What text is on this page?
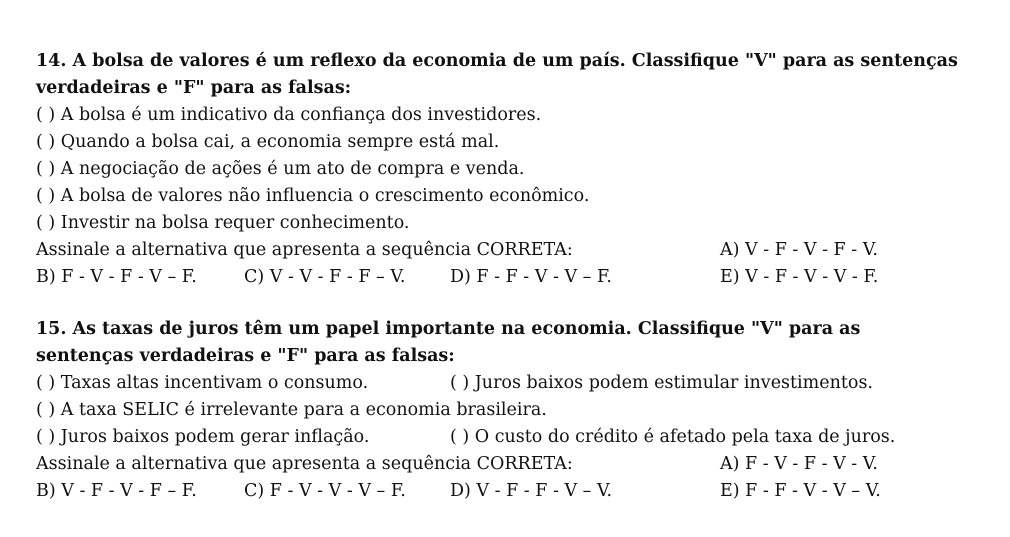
14. A bolsa de valores é um reflexo da economia de um país. Classifique "V" para as sentenças
verdadeiras e "F" para as falsas:
( ) A bolsa é um indicativo da confiança dos investidores.
( ) Quando a bolsa cai, a economia sempre está mal.
( ) A negociação de ações é um ato de compra e venda.
( ) A bolsa de valores não influencia o crescimento econômico.
( ) Investir na bolsa requer conhecimento.
Assinale a alternativa que apresenta a sequência CORRETA:	A) V - F - V - F - V.
B) F - V - F - V – F.	C) V - V - F - F – V.	D) F - F - V - V – F.	E) V - F - V - V - F.
15. As taxas de juros têm um papel importante na economia. Classifique "V" para as
sentenças verdadeiras e "F" para as falsas:
( ) Taxas altas incentivam o consumo.	( ) Juros baixos podem estimular investimentos.
( ) A taxa SELIC é irrelevante para a economia brasileira.
( ) Juros baixos podem gerar inflação.	( ) O custo do crédito é afetado pela taxa de juros.
Assinale a alternativa que apresenta a sequência CORRETA:	A) F - V - F - V - V.
B) V - F - V - F – F.	C) F - V - V - V – F.	D) V - F - F - V – V.	E) F - F - V - V – V.
